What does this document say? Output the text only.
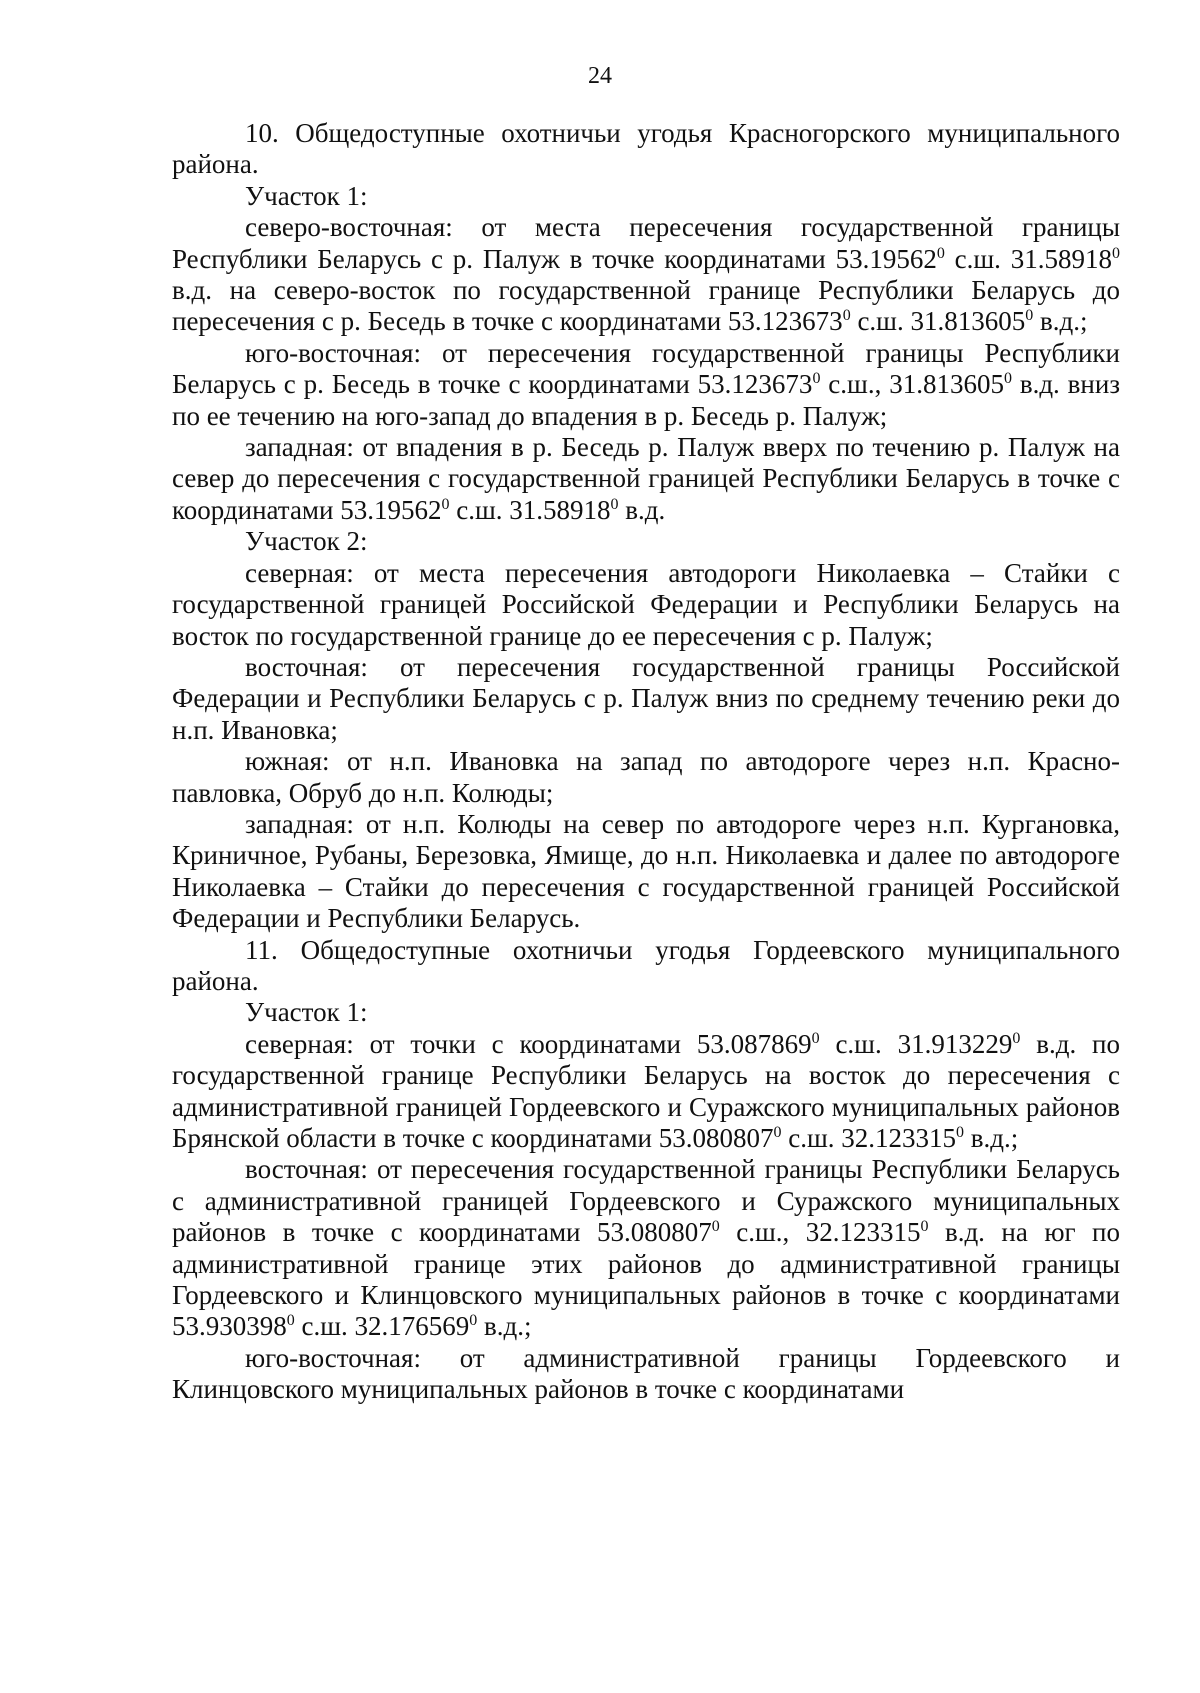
24

10. Общедоступные охотничьи угодья Красногорского муниципального района.

Участок 1:

северо-восточная: от места пересечения государственной границы Республики Беларусь с р. Палуж в точке координатами 53.19562$^0$ с.ш. 31.58918$^0$ в.д. на северо-восток по государственной границе Республики Беларусь до пересечения с р. Беседь в точке с координатами 53.123673$^0$ с.ш. 31.813605$^0$ в.д.;

юго-восточная: от пересечения государственной границы Республики Беларусь с р. Беседь в точке с координатами 53.123673$^0$ с.ш., 31.813605$^0$ в.д. вниз по ее течению на юго-запад до впадения в р. Беседь р. Палуж;

западная: от впадения в р. Беседь р. Палуж вверх по течению р. Палуж на север до пересечения с государственной границей Республики Беларусь в точке с координатами 53.19562$^0$ с.ш. 31.58918$^0$ в.д.

Участок 2:

северная: от места пересечения автодороги Николаевка – Стайки с государственной границей Российской Федерации и Республики Беларусь на восток по государственной границе до ее пересечения с р. Палуж;

восточная: от пересечения государственной границы Российской Федерации и Республики Беларусь с р. Палуж вниз по среднему течению реки до н.п. Ивановка;

южная: от н.п. Ивановка на запад по автодороге через н.п. Красно-павловка, Обруб до н.п. Колюды;

западная: от н.п. Колюды на север по автодороге через н.п. Кургановка, Криничное, Рубаны, Березовка, Ямище, до н.п. Николаевка и далее по автодороге Николаевка – Стайки до пересечения с государственной границей Российской Федерации и Республики Беларусь.

11. Общедоступные охотничьи угодья Гордеевского муниципального района.

Участок 1:

северная: от точки с координатами 53.087869$^0$ с.ш. 31.913229$^0$ в.д. по государственной границе Республики Беларусь на восток до пересечения с административной границей Гордеевского и Суражского муниципальных районов Брянской области в точке с координатами 53.080807$^0$ с.ш. 32.123315$^0$ в.д.;

восточная: от пересечения государственной границы Республики Беларусь с административной границей Гордеевского и Суражского муниципальных районов в точке с координатами 53.080807$^0$ с.ш., 32.123315$^0$ в.д. на юг по административной границе этих районов до административной границы Гордеевского и Клинцовского муниципальных районов в точке с координатами 53.930398$^0$ с.ш. 32.176569$^0$ в.д.;

юго-восточная: от административной границы Гордеевского и Клинцовского муниципальных районов в точке с координатами
